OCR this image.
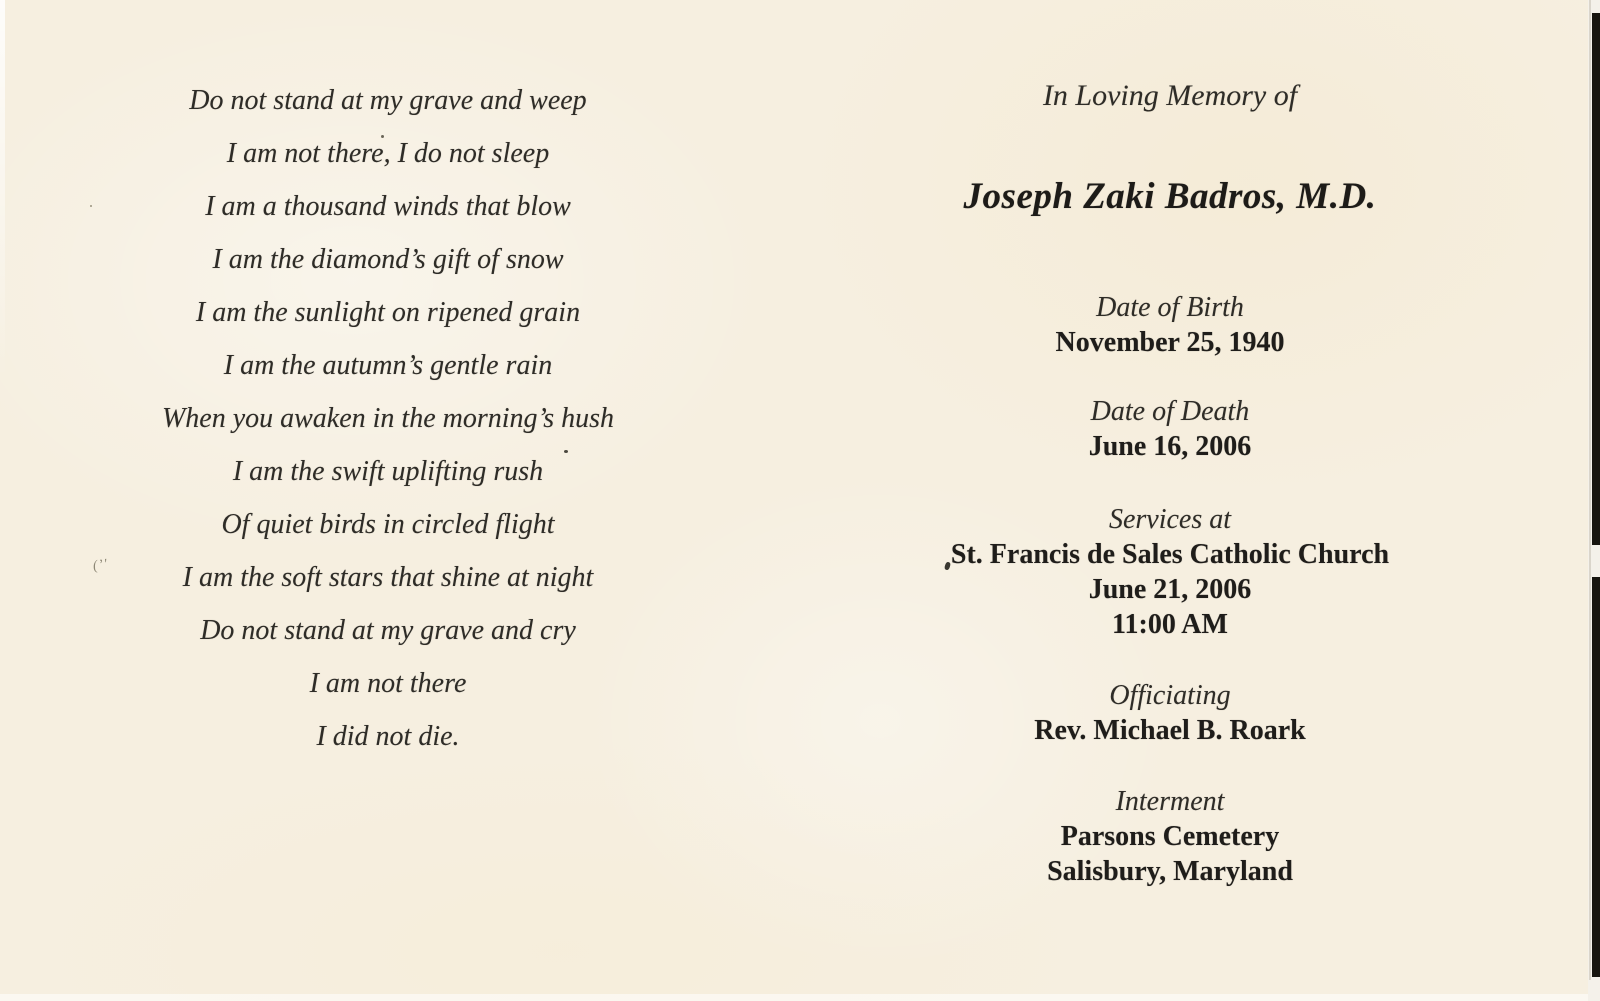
Do not stand at my grave and weep
I am not there, I do not sleep
I am a thousand winds that blow
I am the diamond’s gift of snow
I am the sunlight on ripened grain
I am the autumn’s gentle rain
When you awaken in the morning’s hush
I am the swift uplifting rush
Of quiet birds in circled flight
I am the soft stars that shine at night
Do not stand at my grave and cry
I am not there
I did not die.
In Loving Memory of
Joseph Zaki Badros, M.D.
Date of Birth
November 25, 1940
Date of Death
June 16, 2006
Services at
St. Francis de Sales Catholic Church
June 21, 2006
11:00 AM
Officiating
Rev. Michael B. Roark
Interment
Parsons Cemetery
Salisbury, Maryland
(ʼʹ
